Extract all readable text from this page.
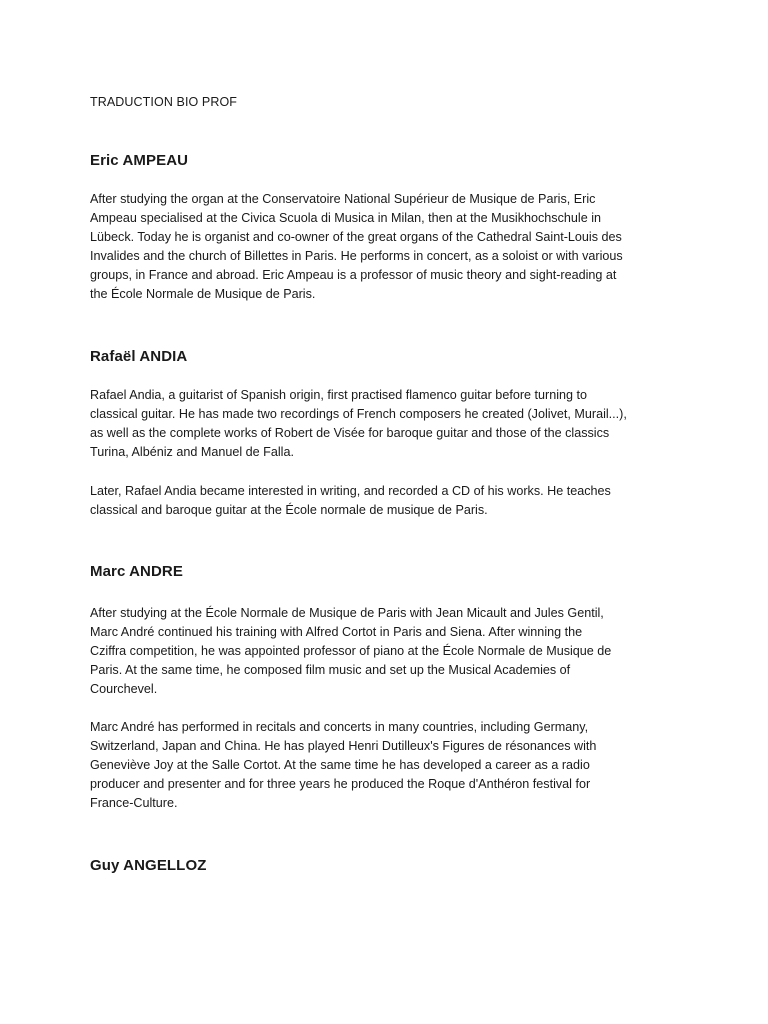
TRADUCTION BIO PROF
Eric AMPEAU
After studying the organ at the Conservatoire National Supérieur de Musique de Paris, Eric
Ampeau specialised at the Civica Scuola di Musica in Milan, then at the Musikhochschule in
Lübeck. Today he is organist and co-owner of the great organs of the Cathedral Saint-Louis des
Invalides and the church of Billettes in Paris. He performs in concert, as a soloist or with various
groups, in France and abroad. Eric Ampeau is a professor of music theory and sight-reading at
the École Normale de Musique de Paris.
Rafaël ANDIA
Rafael Andia, a guitarist of Spanish origin, first practised flamenco guitar before turning to
classical guitar. He has made two recordings of French composers he created (Jolivet, Murail...),
as well as the complete works of Robert de Visée for baroque guitar and those of the classics
Turina, Albéniz and Manuel de Falla.
Later, Rafael Andia became interested in writing, and recorded a CD of his works. He teaches
classical and baroque guitar at the École normale de musique de Paris.
Marc ANDRE
After studying at the École Normale de Musique de Paris with Jean Micault and Jules Gentil,
Marc André continued his training with Alfred Cortot in Paris and Siena. After winning the
Cziffra competition, he was appointed professor of piano at the École Normale de Musique de
Paris. At the same time, he composed film music and set up the Musical Academies of
Courchevel.
Marc André has performed in recitals and concerts in many countries, including Germany,
Switzerland, Japan and China. He has played Henri Dutilleux's Figures de résonances with
Geneviève Joy at the Salle Cortot. At the same time he has developed a career as a radio
producer and presenter and for three years he produced the Roque d'Anthéron festival for
France-Culture.
Guy ANGELLOZ
